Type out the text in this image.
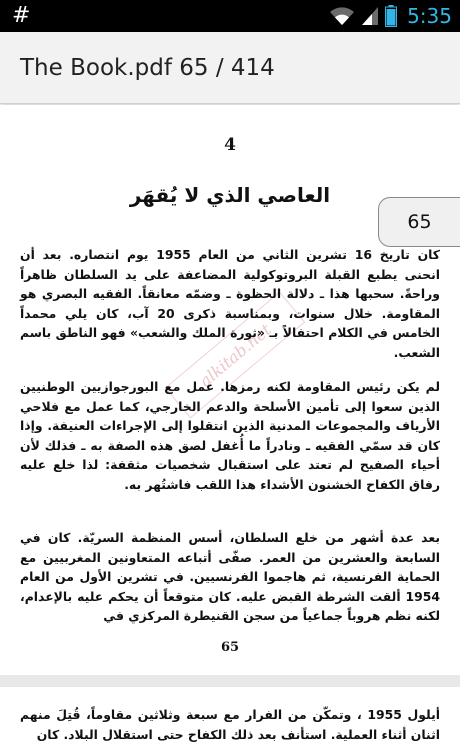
#	5:35
The Book.pdf 65 / 414
4
العاصي الذي لا يُقهَر
alkitab.net

كان تاريخ 16 تشرين الثاني من العام 1955 يوم انتصاره. بعد أن انحنى يطبع القبلة البروتوكولية المضاعفة على يد السلطان ظاهراً وراحةً. سحبها هذا ـ دلالة الحظوة ـ وضمّه معانقاً. الفقيه البصري هو المقاومة. خلال سنوات، وبمناسبة ذكرى 20 آب، كان يلي محمداً الخامس في الكلام احتفالاً بـ «ثورة الملك والشعب» فهو الناطق باسم الشعب.

لم يكن رئيس المقاومة لكنه رمزها. عمل مع البورجوازيين الوطنيين الذين سعوا إلى تأمين الأسلحة والدعم الخارجي، كما عمل مع فلاحي الأرياف والمجموعات المدنية الذين انتقلوا إلى الإجراءات العنيفة. وإذا كان قد سمّي الفقيه ـ ونادراً ما أُغفل لصق هذه الصفة به ـ فذلك لأن أحياء الصفيح لم تعتد على استقبال شخصيات مثقفة: لذا خلع عليه رفاق الكفاح الخشنون الأشداء هذا اللقب فاشتُهر به.

بعد عدة أشهر من خلع السلطان، أسس المنظمة السريّة. كان في السابعة والعشرين من العمر. صفّى أتباعه المتعاونين المغربيين مع الحماية الفرنسية، ثم هاجموا الفرنسيين. في تشرين الأول من العام 1954 ألقت الشرطة القبض عليه. كان متوقعاً أن يحكم عليه بالإعدام، لكنه نظم هروباً جماعياً من سجن القنيطرة المركزي في

65

أيلول 1955 ، وتمكّن من الفرار مع سبعة وثلاثين مقاوماً، قُتِلَ منهم اثنان أثناء العملية. استأنف بعد ذلك الكفاح حتى استقلال البلاد. كان

65
